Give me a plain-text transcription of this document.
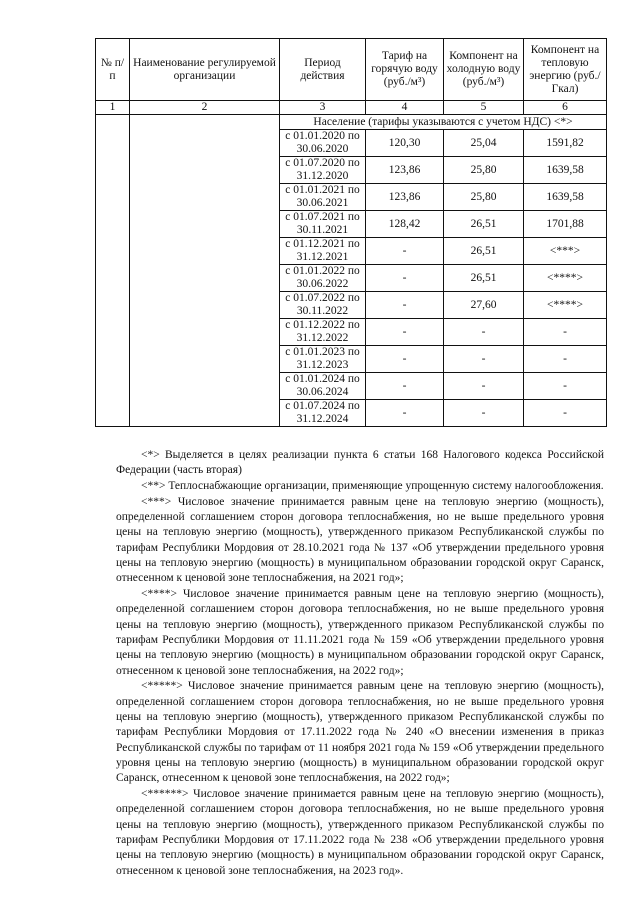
№ п/п	Наименование регулируемой организации	Период действия	Тариф на горячую воду (руб./м³)	Компонент на холодную воду (руб./м³)	Компонент на тепловую энергию (руб./Гкал)
1	2	3	4	5	6
		Население (тарифы указываются с учетом НДС) <*>			
		с 01.01.2020 по 30.06.2020	120,30	25,04	1591,82
		с 01.07.2020 по 31.12.2020	123,86	25,80	1639,58
		с 01.01.2021 по 30.06.2021	123,86	25,80	1639,58
		с 01.07.2021 по 30.11.2021	128,42	26,51	1701,88
		с 01.12.2021 по 31.12.2021	-	26,51	<***>
		с 01.01.2022 по 30.06.2022	-	26,51	<****>
		с 01.07.2022 по 30.11.2022	-	27,60	<****>
		с 01.12.2022 по 31.12.2022	-	-	-
		с 01.01.2023 по 31.12.2023	-	-	-
		с 01.01.2024 по 30.06.2024	-	-	-
		с 01.07.2024 по 31.12.2024	-	-	-

<*> Выделяется в целях реализации пункта 6 статьи 168 Налогового кодекса Российской Федерации (часть вторая)

<**> Теплоснабжающие организации, применяющие упрощенную систему налогообложения.

<***> Числовое значение принимается равным цене на тепловую энергию (мощность), определенной соглашением сторон договора теплоснабжения, но не выше предельного уровня цены на тепловую энергию (мощность), утвержденного приказом Республиканской службы по тарифам Республики Мордовия от 28.10.2021 года № 137 «Об утверждении предельного уровня цены на тепловую энергию (мощность) в муниципальном образовании городской округ Саранск, отнесенном к ценовой зоне теплоснабжения, на 2021 год»;

<****> Числовое значение принимается равным цене на тепловую энергию (мощность), определенной соглашением сторон договора теплоснабжения, но не выше предельного уровня цены на тепловую энергию (мощность), утвержденного приказом Республиканской службы по тарифам Республики Мордовия от 11.11.2021 года № 159 «Об утверждении предельного уровня цены на тепловую энергию (мощность) в муниципальном образовании городской округ Саранск, отнесенном к ценовой зоне теплоснабжения, на 2022 год»;

<*****> Числовое значение принимается равным цене на тепловую энергию (мощность), определенной соглашением сторон договора теплоснабжения, но не выше предельного уровня цены на тепловую энергию (мощность), утвержденного приказом Республиканской службы по тарифам Республики Мордовия от 17.11.2022 года № 240 «О внесении изменения в приказ Республиканской службы по тарифам от 11 ноября 2021 года № 159 «Об утверждении предельного уровня цены на тепловую энергию (мощность) в муниципальном образовании городской округ Саранск, отнесенном к ценовой зоне теплоснабжения, на 2022 год»;

<******> Числовое значение принимается равным цене на тепловую энергию (мощность), определенной соглашением сторон договора теплоснабжения, но не выше предельного уровня цены на тепловую энергию (мощность), утвержденного приказом Республиканской службы по тарифам Республики Мордовия от 17.11.2022 года № 238 «Об утверждении предельного уровня цены на тепловую энергию (мощность) в муниципальном образовании городской округ Саранск, отнесенном к ценовой зоне теплоснабжения, на 2023 год».
